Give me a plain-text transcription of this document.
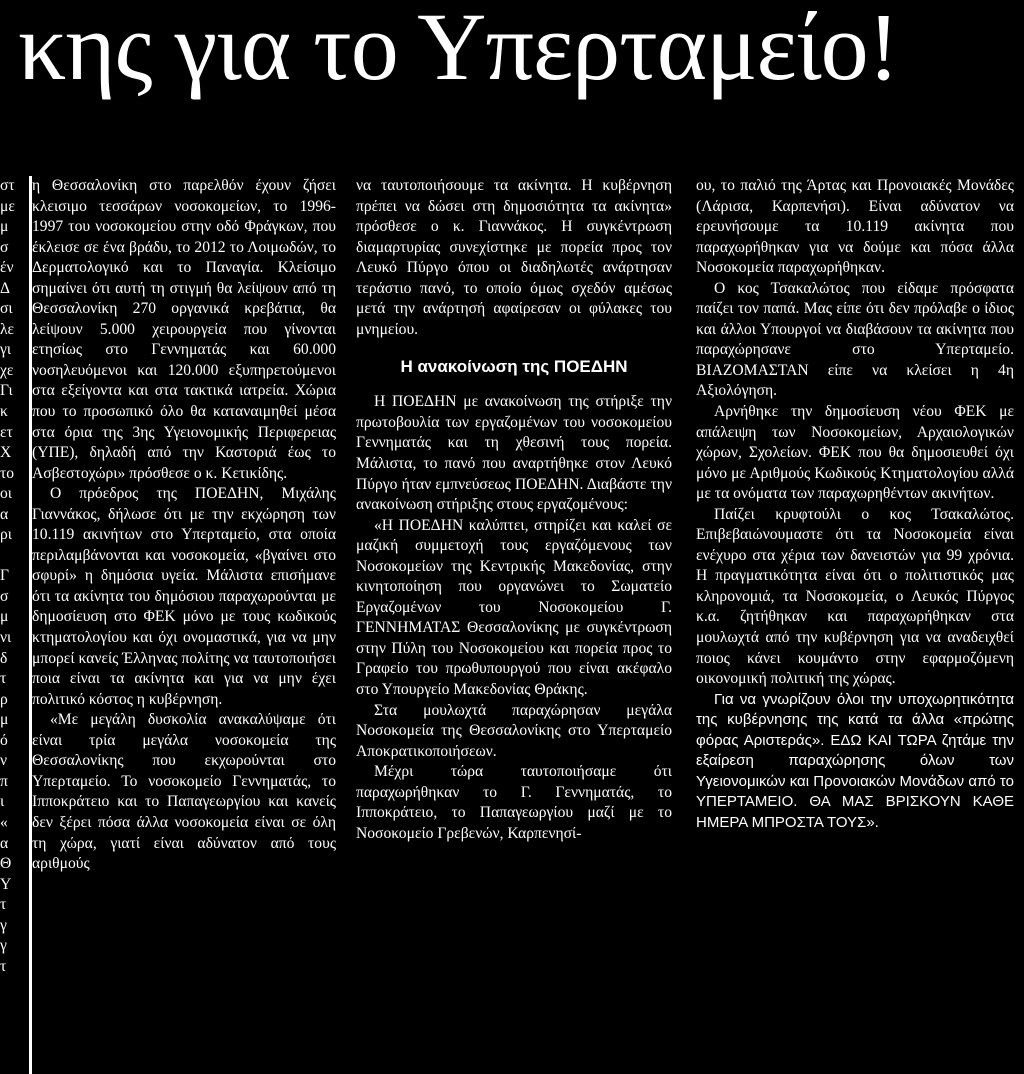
κης για το Υπερταμείο!
στ
με
μ
σ
έν
Δ
σι
λε
γι
χε
Γι
κ
ετ
Χ
το
οι
α
ρι
Γ
σ
μ
νι
δ
τ
ρ
μ
ό
ν
π
ι
«
α
Θ
Υ
τ
γ
γ
τ

η Θεσσαλονίκη στο παρελθόν έχουν ζήσει κλεισιμο τεσσάρων νοσοκομείων, το 1996- 1997 του νοσοκομείου στην οδό Φράγκων, που έκλεισε σε ένα βράδυ, το 2012 το Λοιμωδών, το Δερματολογικό και το Παναγία. Κλείσιμο σημαίνει ότι αυτή τη στιγμή θα λείψουν από τη Θεσσαλονίκη 270 οργανικά κρεβάτια, θα λείψουν 5.000 χειρουργεία που γίνονται ετησίως στο Γεννηματάς και 60.000 νοσηλευόμενοι και 120.000 εξυπηρετούμενοι στα εξείγοντα και στα τακτικά ιατρεία. Χώρια που το προσωπικό όλο θα καταναιμηθεί μέσα στα όρια της 3ης Υγειονομικής Περιφερειας (ΥΠΕ), δηλαδή από την Καστοριά έως το Ασβεστοχώρι» πρόσθεσε ο κ. Κετικίδης.

Ο πρόεδρος της ΠΟΕΔΗΝ, Μιχάλης Γιαννάκος, δήλωσε ότι με την εκχώρηση των 10.119 ακινήτων στο Υπερταμείο, στα οποία περιλαμβάνονται και νοσοκομεία, «βγαίνει στο σφυρί» η δημόσια υγεία. Μάλιστα επισήμανε ότι τα ακίνητα του δημόσιου παραχωρούνται με δημοσίευση στο ΦΕΚ μόνο με τους κωδικούς κτηματολογίου και όχι ονομαστικά, για να μην μπορεί κανείς Έλληνας πολίτης να ταυτοποιήσει ποια είναι τα ακίνητα και για να μην έχει πολιτικό κόστος η κυβέρνηση.

«Με μεγάλη δυσκολία ανακαλύψαμε ότι είναι τρία μεγάλα νοσοκομεία της Θεσσαλονίκης που εκχωρούνται στο Υπερταμείο. Το νοσοκομείο Γεννηματάς, το Ιπποκράτειο και το Παπαγεωργίου και κανείς δεν ξέρει πόσα άλλα νοσοκομεία είναι σε όλη τη χώρα, γιατί είναι αδύνατον από τους αριθμούς

να ταυτοποιήσουμε τα ακίνητα. Η κυβέρνηση πρέπει να δώσει στη δημοσιότητα τα ακίνητα» πρόσθεσε ο κ. Γιαννάκος. Η συγκέντρωση διαμαρτυρίας συνεχίστηκε με πορεία προς τον Λευκό Πύργο όπου οι διαδηλωτές ανάρτησαν τεράστιο πανό, το οποίο όμως σχεδόν αμέσως μετά την ανάρτησή αφαίρεσαν οι φύλακες του μνημείου.

Η ανακοίνωση της ΠΟΕΔΗΝ

Η ΠΟΕΔΗΝ με ανακοίνωση της στήριξε την πρωτοβουλία των εργαζομένων του νοσοκομείου Γεννηματάς και τη χθεσινή τους πορεία. Μάλιστα, το πανό που αναρτήθηκε στον Λευκό Πύργο ήταν εμπνεύσεως ΠΟΕΔΗΝ. Διαβάστε την ανακοίνωση στήριξης στους εργαζομένους:

«Η ΠΟΕΔΗΝ καλύπτει, στηρίζει και καλεί σε μαζική συμμετοχή τους εργαζόμενους των Νοσοκομείων της Κεντρικής Μακεδονίας, στην κινητοποίηση που οργανώνει το Σωματείο Εργαζομένων του Νοσοκομείου Γ. ΓΕΝΝΗΜΑΤΑΣ Θεσσαλονίκης με συγκέντρωση στην Πύλη του Νοσοκομείου και πορεία προς το Γραφείο του πρωθυπουργού που είναι ακέφαλο στο Υπουργείο Μακεδονίας Θράκης.

Στα μουλωχτά παραχώρησαν μεγάλα Νοσοκομεία της Θεσσαλονίκης στο Υπερταμείο Αποκρατικοποιήσεων.

Μέχρι τώρα ταυτοποιήσαμε ότι παραχωρήθηκαν το Γ. Γεννηματάς, το Ιπποκράτειο, το Παπαγεωργίου μαζί με το Νοσοκομείο Γρεβενών, Καρπενησί-

ου, το παλιό της Άρτας και Προνοιακές Μονάδες (Λάρισα, Καρπενήσι). Είναι αδύνατον να ερευνήσουμε τα 10.119 ακίνητα που παραχωρήθηκαν για να δούμε και πόσα άλλα Νοσοκομεία παραχωρήθηκαν.

Ο κος Τσακαλώτος που είδαμε πρόσφατα παίζει τον παπά. Μας είπε ότι δεν πρόλαβε ο ίδιος και άλλοι Υπουργοί να διαβάσουν τα ακίνητα που παραχώρησανε στο Υπερταμείο. ΒΙΑΖΟΜΑΣΤΑΝ είπε να κλείσει η 4η Αξιολόγηση.

Αρνήθηκε την δημοσίευση νέου ΦΕΚ με απάλειψη των Νοσοκομείων, Αρχαιολογικών χώρων, Σχολείων. ΦΕΚ που θα δημοσιευθεί όχι μόνο με Αριθμούς Κωδικούς Κτηματολογίου αλλά με τα ονόματα των παραχωρηθέντων ακινήτων.

Παίζει κρυφτούλι ο κος Τσακαλώτος. Επιβεβαιώνουμαστε ότι τα Νοσοκομεία είναι ενέχυρο στα χέρια των δανειστών για 99 χρόνια. Η πραγματικότητα είναι ότι ο πολιτιστικός μας κληρονομιά, τα Νοσοκομεία, ο Λευκός Πύργος κ.α. ζητήθηκαν και παραχωρήθηκαν στα μουλωχτά από την κυβέρνηση για να αναδειχθεί ποιος κάνει κουμάντο στην εφαρμοζόμενη οικονομική πολιτική της χώρας.

Για να γνωρίζουν όλοι την υποχωρητικότητα της κυβέρνησης της κατά τα άλλα «πρώτης φόρας Αριστεράς». ΕΔΩ ΚΑΙ ΤΩΡΑ ζητάμε την εξαίρεση παραχώρησης όλων των Υγειονομικών και Προνοιακών Μονάδων από το ΥΠΕΡΤΑΜΕΙΟ. ΘΑ ΜΑΣ ΒΡΙΣΚΟΥΝ ΚΑΘΕ ΗΜΕΡΑ ΜΠΡΟΣΤΑ ΤΟΥΣ».
